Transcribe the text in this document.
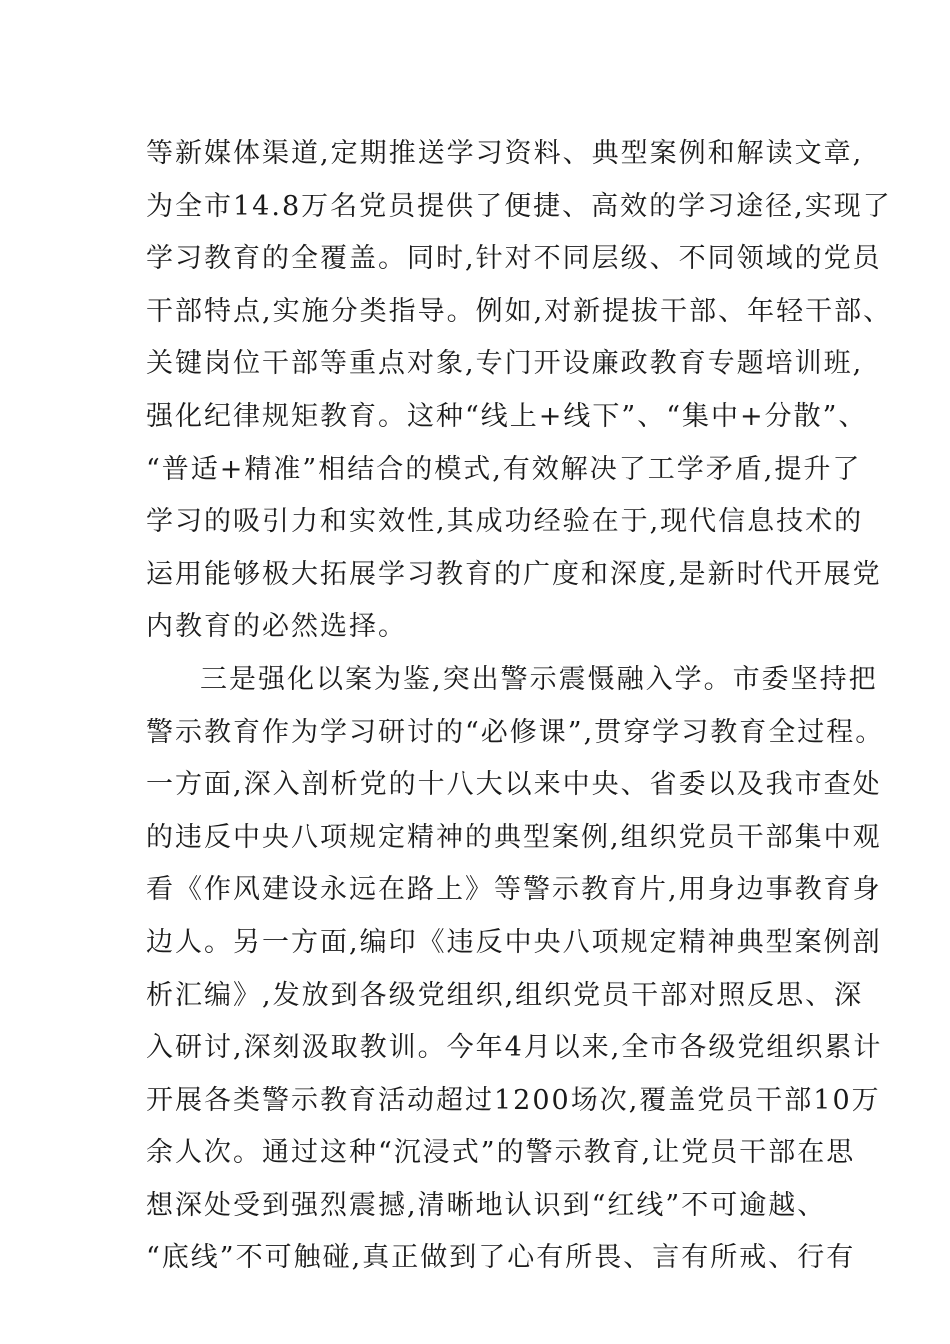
等新媒体渠道,定期推送学习资料、典型案例和解读文章,
为全市14.8万名党员提供了便捷、高效的学习途径,实现了
学习教育的全覆盖。同时,针对不同层级、不同领域的党员
干部特点,实施分类指导。例如,对新提拔干部、年轻干部、
关键岗位干部等重点对象,专门开设廉政教育专题培训班,
强化纪律规矩教育。这种“线上+线下”、“集中+分散”、
“普适+精准”相结合的模式,有效解决了工学矛盾,提升了
学习的吸引力和实效性,其成功经验在于,现代信息技术的
运用能够极大拓展学习教育的广度和深度,是新时代开展党
内教育的必然选择。
三是强化以案为鉴,突出警示震慑融入学。市委坚持把
警示教育作为学习研讨的“必修课”,贯穿学习教育全过程。
一方面,深入剖析党的十八大以来中央、省委以及我市查处
的违反中央八项规定精神的典型案例,组织党员干部集中观
看《作风建设永远在路上》等警示教育片,用身边事教育身
边人。另一方面,编印《违反中央八项规定精神典型案例剖
析汇编》,发放到各级党组织,组织党员干部对照反思、深
入研讨,深刻汲取教训。今年4月以来,全市各级党组织累计
开展各类警示教育活动超过1200场次,覆盖党员干部10万
余人次。通过这种“沉浸式”的警示教育,让党员干部在思
想深处受到强烈震撼,清晰地认识到“红线”不可逾越、
“底线”不可触碰,真正做到了心有所畏、言有所戒、行有
